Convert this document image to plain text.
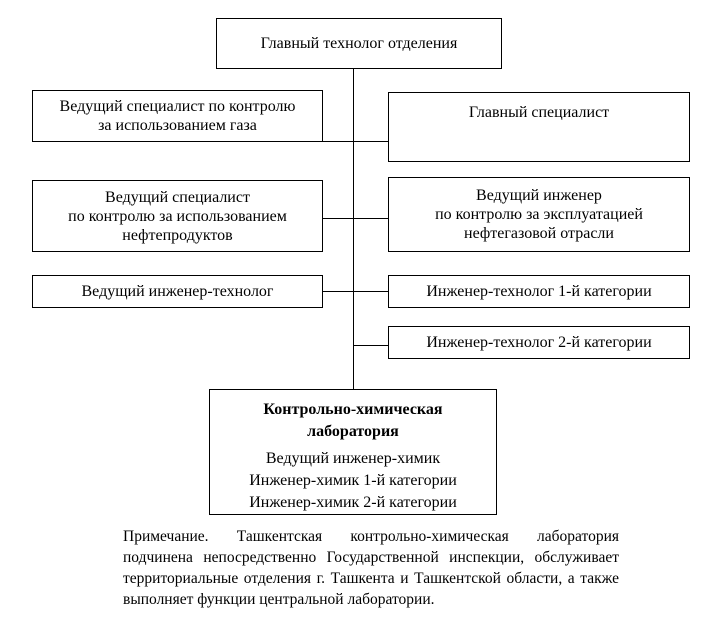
Главный технолог отделения
Ведущий специалист по контролю
за использованием газа
Ведущий специалист
по контролю за использованием
нефтепродуктов
Ведущий инженер-технолог
Главный специалист
Ведущий инженер
по контролю за эксплуатацией
нефтегазовой отрасли
Инженер-технолог 1-й категории
Инженер-технолог 2-й категории
Контрольно-химическая
лаборатория
Ведущий инженер-химик
Инженер-химик 1-й категории
Инженер-химик 2-й категории
Примечание. Ташкентская контрольно-химическая лаборатория подчинена непосредственно Государственной инспекции, обслуживает территориальные отделения г. Ташкента и Ташкентской области, а также выполняет функции центральной лаборатории.
